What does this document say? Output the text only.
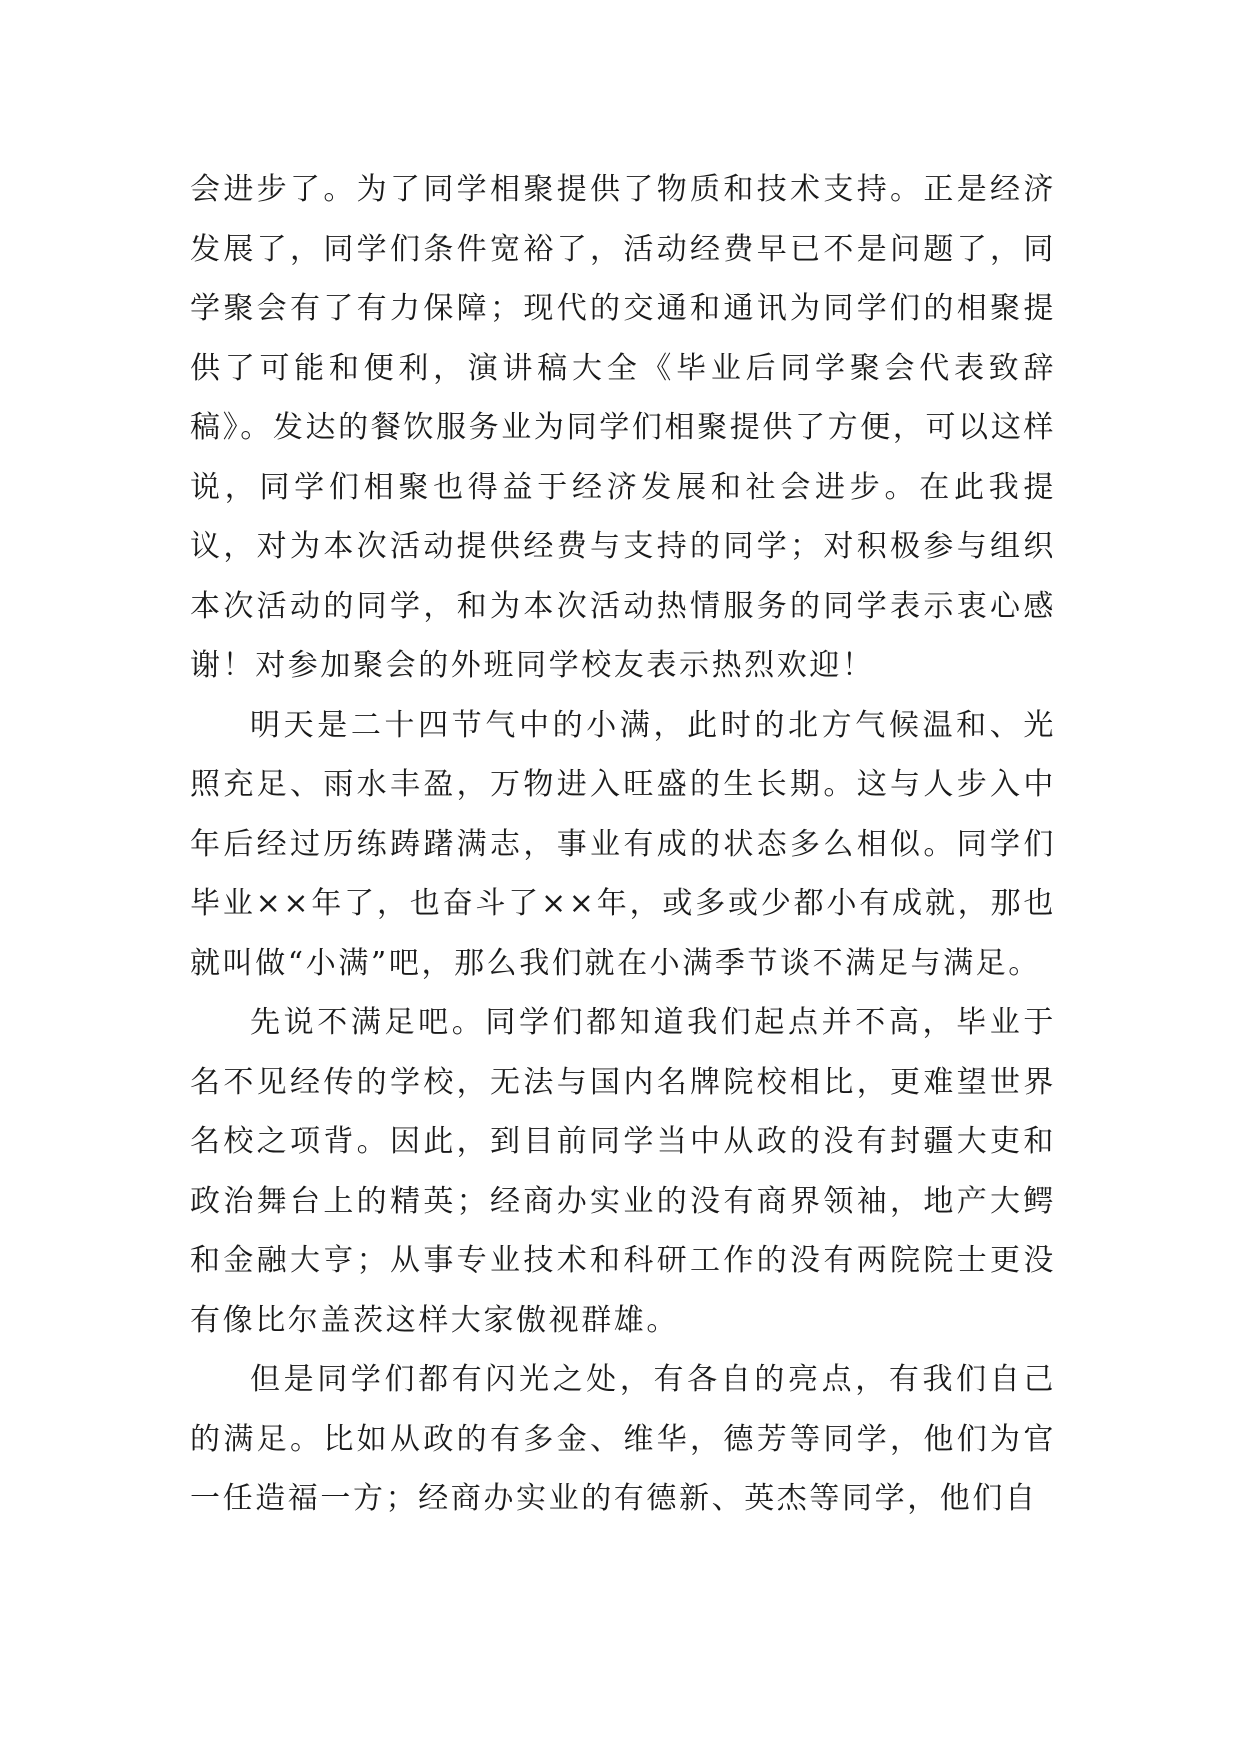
会进步了。为了同学相聚提供了物质和技术支持。正是经济发展了，同学们条件宽裕了，活动经费早已不是问题了，同学聚会有了有力保障；现代的交通和通讯为同学们的相聚提供了可能和便利，演讲稿大全《毕业后同学聚会代表致辞稿》。发达的餐饮服务业为同学们相聚提供了方便，可以这样说，同学们相聚也得益于经济发展和社会进步。在此我提议，对为本次活动提供经费与支持的同学；对积极参与组织本次活动的同学，和为本次活动热情服务的同学表示衷心感谢！对参加聚会的外班同学校友表示热烈欢迎！

明天是二十四节气中的小满，此时的北方气候温和、光照充足、雨水丰盈，万物进入旺盛的生长期。这与人步入中年后经过历练踌躇满志，事业有成的状态多么相似。同学们毕业××年了，也奋斗了××年，或多或少都小有成就，那也就叫做“小满”吧，那么我们就在小满季节谈不满足与满足。

先说不满足吧。同学们都知道我们起点并不高，毕业于名不见经传的学校，无法与国内名牌院校相比，更难望世界名校之项背。因此，到目前同学当中从政的没有封疆大吏和政治舞台上的精英；经商办实业的没有商界领袖，地产大鳄和金融大亨；从事专业技术和科研工作的没有两院院士更没有像比尔盖茨这样大家傲视群雄。

但是同学们都有闪光之处，有各自的亮点，有我们自己的满足。比如从政的有多金、维华，德芳等同学，他们为官一任造福一方；经商办实业的有德新、英杰等同学，他们自
